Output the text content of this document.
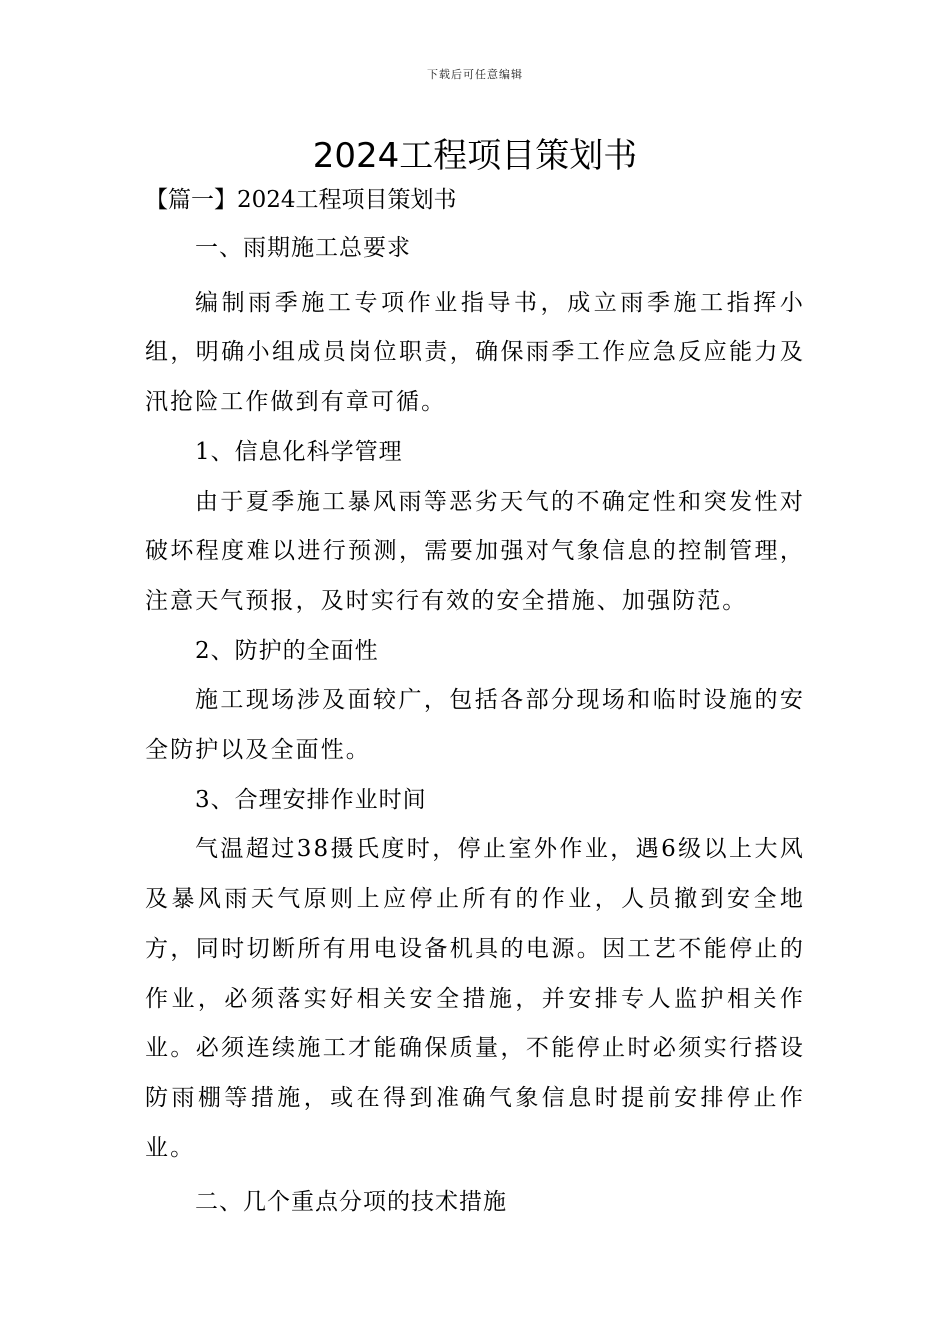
下载后可任意编辑
2024工程项目策划书

【篇一】2024工程项目策划书

一、雨期施工总要求

编制雨季施工专项作业指导书，成立雨季施工指挥小组，明确小组成员岗位职责，确保雨季工作应急反应能力及汛抢险工作做到有章可循。

1、信息化科学管理

由于夏季施工暴风雨等恶劣天气的不确定性和突发性对破坏程度难以进行预测，需要加强对气象信息的控制管理，注意天气预报，及时实行有效的安全措施、加强防范。

2、防护的全面性

施工现场涉及面较广，包括各部分现场和临时设施的安全防护以及全面性。

3、合理安排作业时间

气温超过38摄氏度时，停止室外作业，遇6级以上大风及暴风雨天气原则上应停止所有的作业，人员撤到安全地方，同时切断所有用电设备机具的电源。因工艺不能停止的作业，必须落实好相关安全措施，并安排专人监护相关作业。必须连续施工才能确保质量，不能停止时必须实行搭设防雨棚等措施，或在得到准确气象信息时提前安排停止作业。

二、几个重点分项的技术措施
